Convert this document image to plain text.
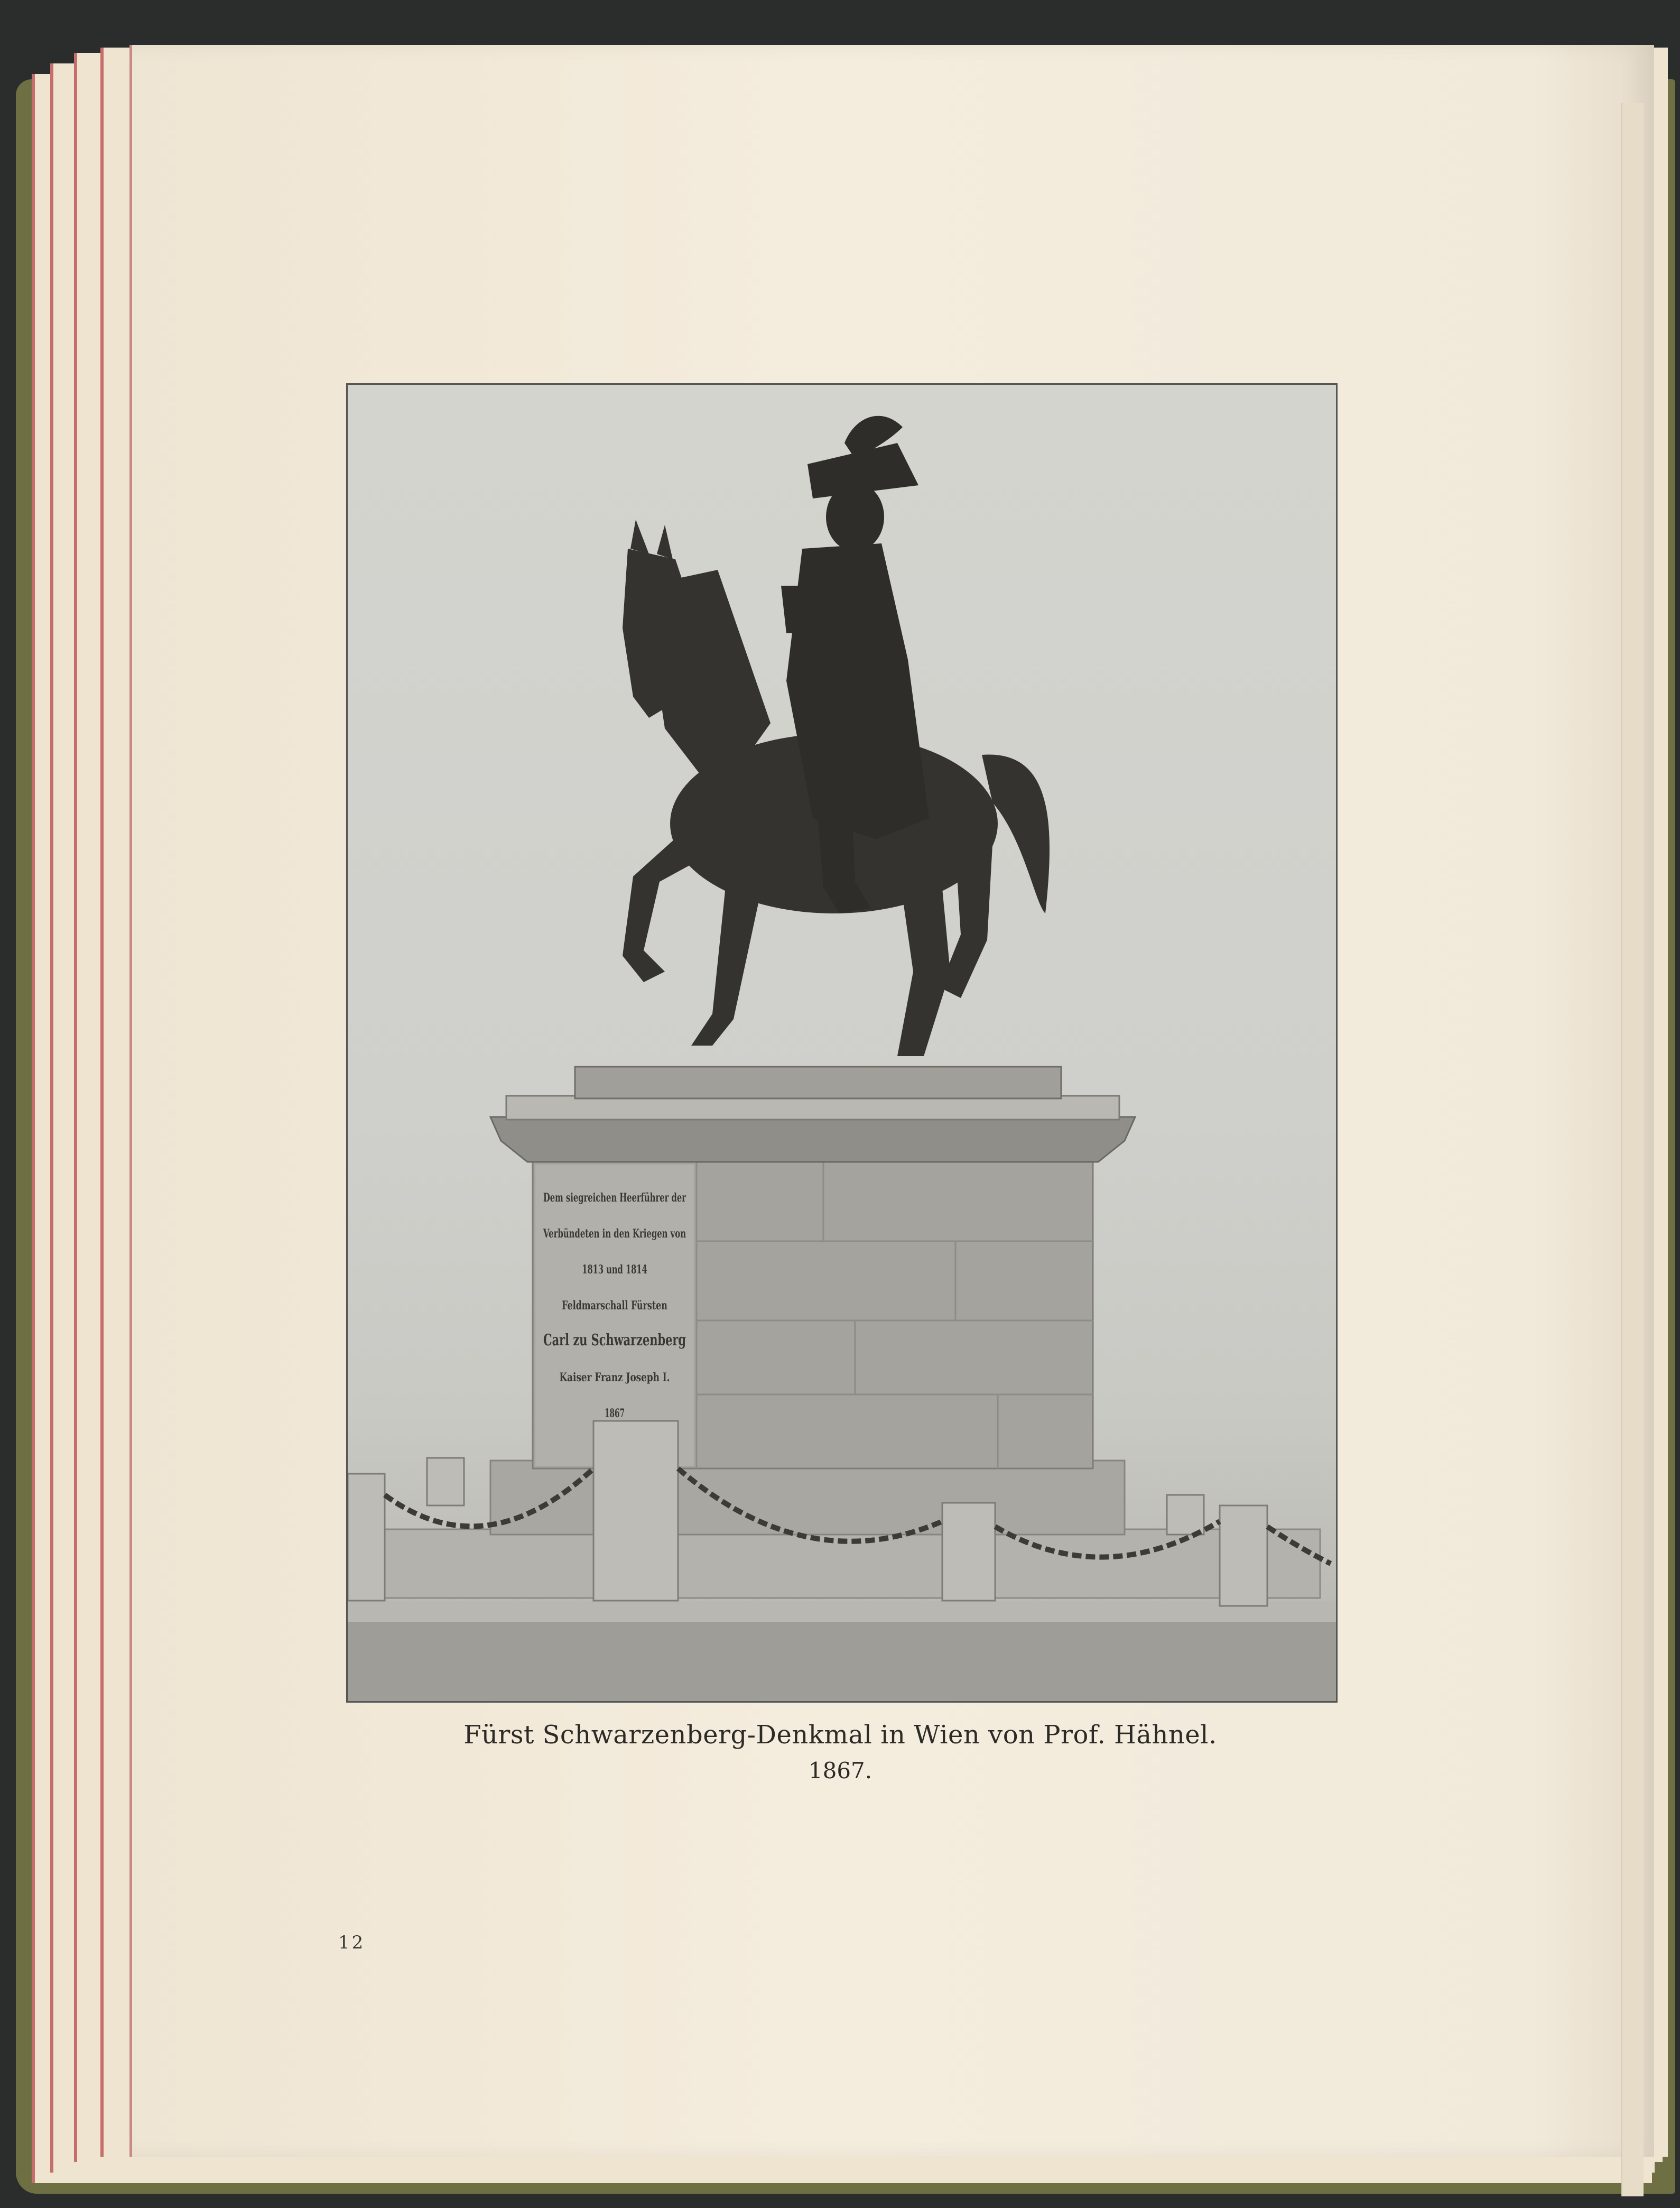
Dem siegreichen Heerführer der
Verbündeten in den Kriegen von
1813 und 1814
Feldmarschall Fürsten
Carl zu Schwarzenberg
Kaiser Franz Joseph I.
1867
Fürst Schwarzenberg-Denkmal in Wien von Prof. Hähnel.
1867.
12
